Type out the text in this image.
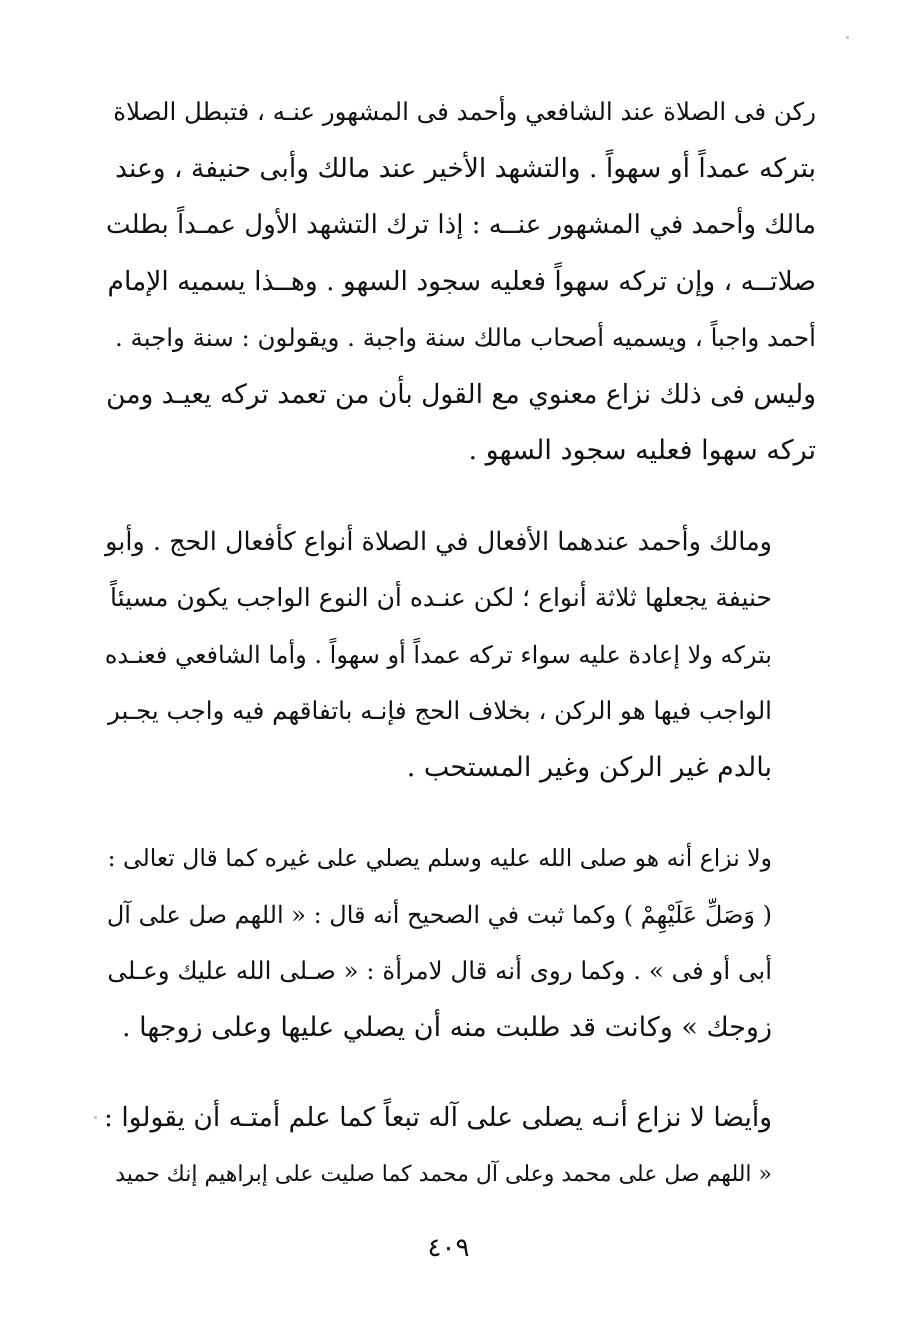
ركن فى الصلاة عند الشافعي وأحمد فى المشهور عنـه ، فتبطل الصلاة
بتركه عمداً أو سهواً . والتشهد الأخير عند مالك وأبى حنيفة ، وعند
مالك وأحمد في المشهور عنــه : إذا ترك التشهد الأول عمـداً بطلت
صلاتــه ، وإن تركه سهواً فعليه سجود السهو . وهــذا يسميه الإمام
أحمد واجباً ، ويسميه أصحاب مالك سنة واجبة . ويقولون : سنة واجبة .
وليس فى ذلك نزاع معنوي مع القول بأن من تعمد تركه يعيـد ومن
تركه سهوا فعليه سجود السهو .

ومالك وأحمد عندهما الأفعال في الصلاة أنواع كأفعال الحج . وأبو
حنيفة يجعلها ثلاثة أنواع ؛ لكن عنـده أن النوع الواجب يكون مسيئاً
بتركه ولا إعادة عليه سواء تركه عمداً أو سهواً . وأما الشافعي فعنـده
الواجب فيها هو الركن ، بخلاف الحج فإنـه باتفاقهم فيه واجب يجـبر
بالدم غير الركن وغير المستحب .

ولا نزاع أنه هو صلى الله عليه وسلم يصلي على غيره كما قال تعالى :
( وَصَلِّ عَلَيْهِمْ ) وكما ثبت في الصحيح أنه قال : « اللهم صل على آل
أبى أو فى » . وكما روى أنه قال لامرأة : « صـلى الله عليك وعـلى
زوجك » وكانت قد طلبت منه أن يصلي عليها وعلى زوجها .

وأيضا لا نزاع أنـه يصلى على آله تبعاً كما علم أمتـه أن يقولوا :
« اللهم صل على محمد وعلى آل محمد كما صليت على إبراهيم إنك حميد

٤٠٩
